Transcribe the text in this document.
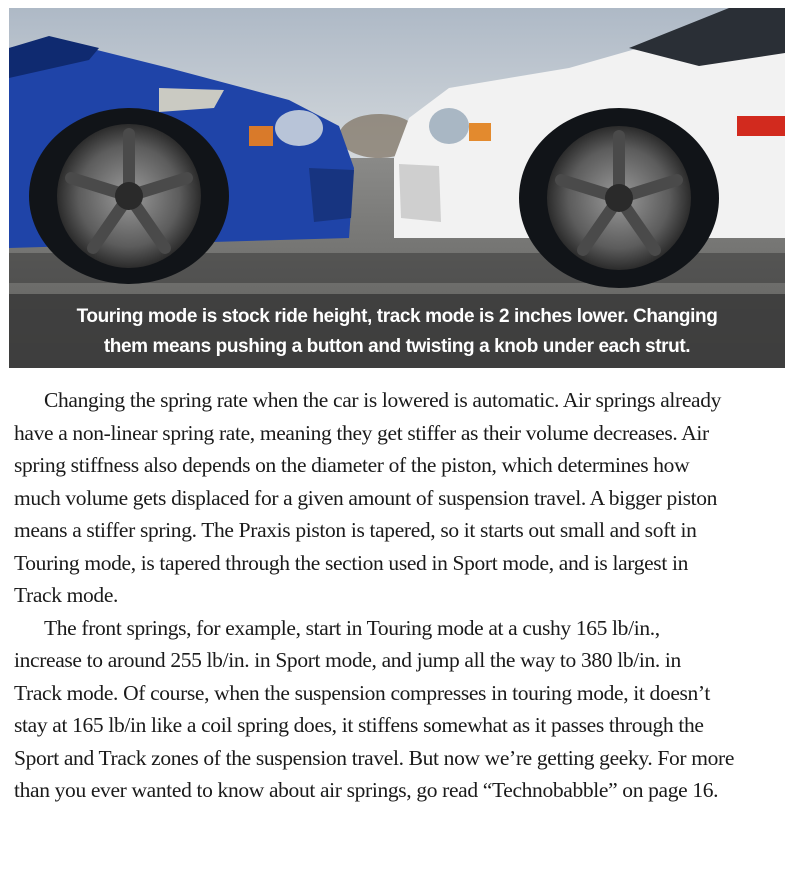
Touring mode is stock ride height, track mode is 2 inches lower. Changing
them means pushing a button and twisting a knob under each strut.
Changing the spring rate when the car is lowered is automatic. Air springs already
have a non-linear spring rate, meaning they get stiffer as their volume decreases. Air
spring stiffness also depends on the diameter of the piston, which determines how
much volume gets displaced for a given amount of suspension travel. A bigger piston
means a stiffer spring. The Praxis piston is tapered, so it starts out small and soft in
Touring mode, is tapered through the section used in Sport mode, and is largest in
Track mode.
The front springs, for example, start in Touring mode at a cushy 165 lb/in.,
increase to around 255 lb/in. in Sport mode, and jump all the way to 380 lb/in. in
Track mode. Of course, when the suspension compresses in touring mode, it doesn’t
stay at 165 lb/in like a coil spring does, it stiffens somewhat as it passes through the
Sport and Track zones of the suspension travel. But now we’re getting geeky. For more
than you ever wanted to know about air springs, go read “Technobabble” on page 16.
